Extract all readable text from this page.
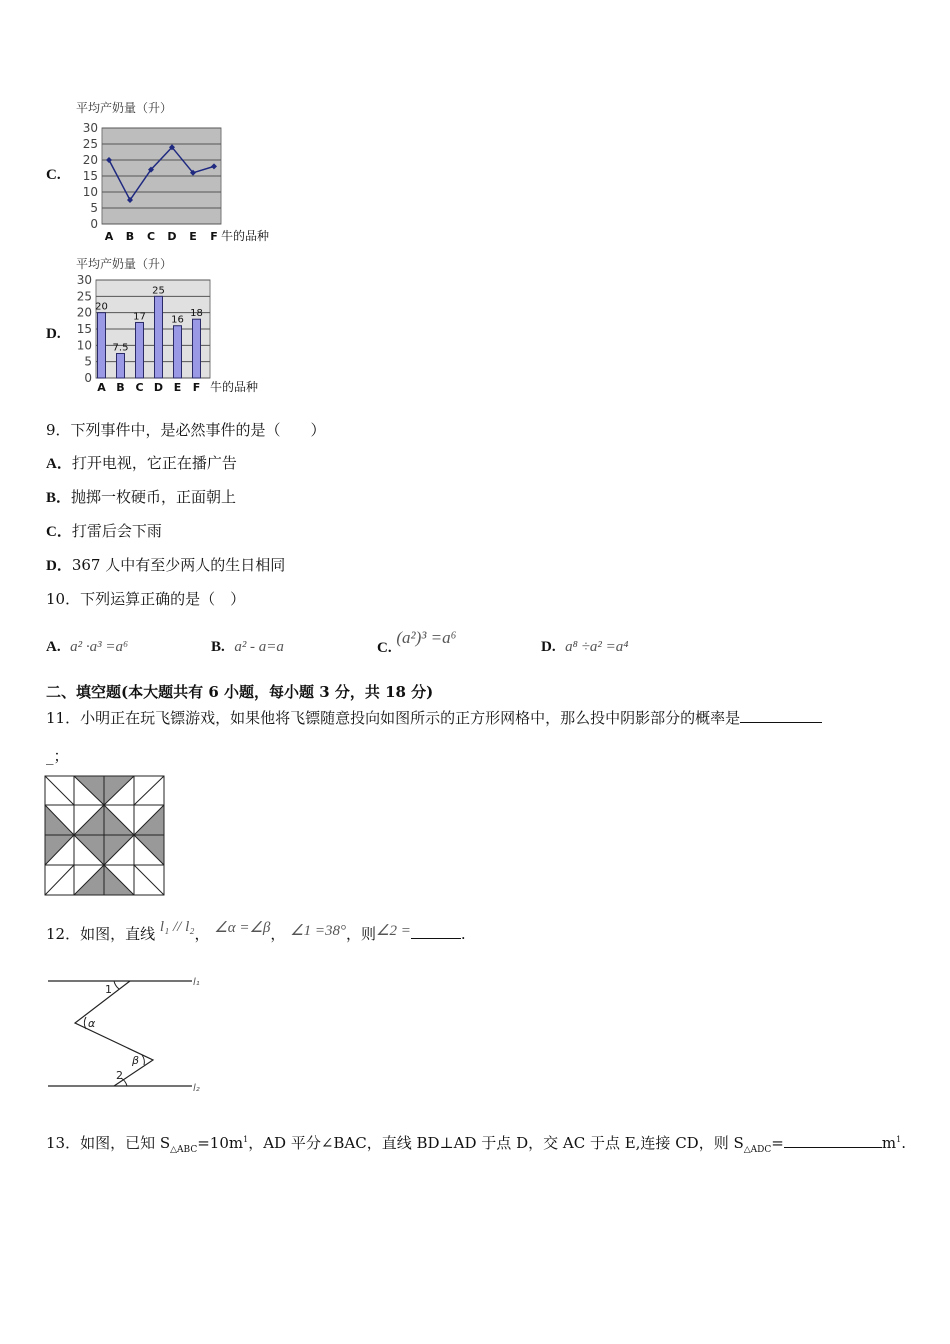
C.
平均产奶量（升）
30
25
20
15
10
5
0
A B C D E F 牛的品种
D.
平均产奶量（升）
30
25
20
15
10
5
0
20
7.5
17
25
16
18
A B C D E F 牛的品种
9．下列事件中，是必然事件的是（　　）
A．打开电视，它正在播广告
B．抛掷一枚硬币，正面朝上
C．打雷后会下雨
D．367 人中有至少两人的生日相同
10．下列运算正确的是（　）
A. a² ·a³ =a⁶	B. a² - a=a	C. (a²)³ =a⁶	D. a⁸ ÷a² =a⁴
二、填空题(本大题共有 6 小题，每小题 3 分，共 18 分)
11．小明正在玩飞镖游戏，如果他将飞镖随意投向如图所示的正方形网格中，那么投中阴影部分的概率是
_；
12．如图，直线 l₁ // l₂， ∠α =∠β， ∠1 =38°，则∠2 =	.
1
α
β
2
l₁
l₂
13．如图，已知 $S_{\triangle ABC}=10m^1$，AD 平分∠BAC，直线 BD⊥AD 于点 D，交 AC 于点 E,连接 CD，则 $S_{\triangle ADC}=$	$m^1$.
